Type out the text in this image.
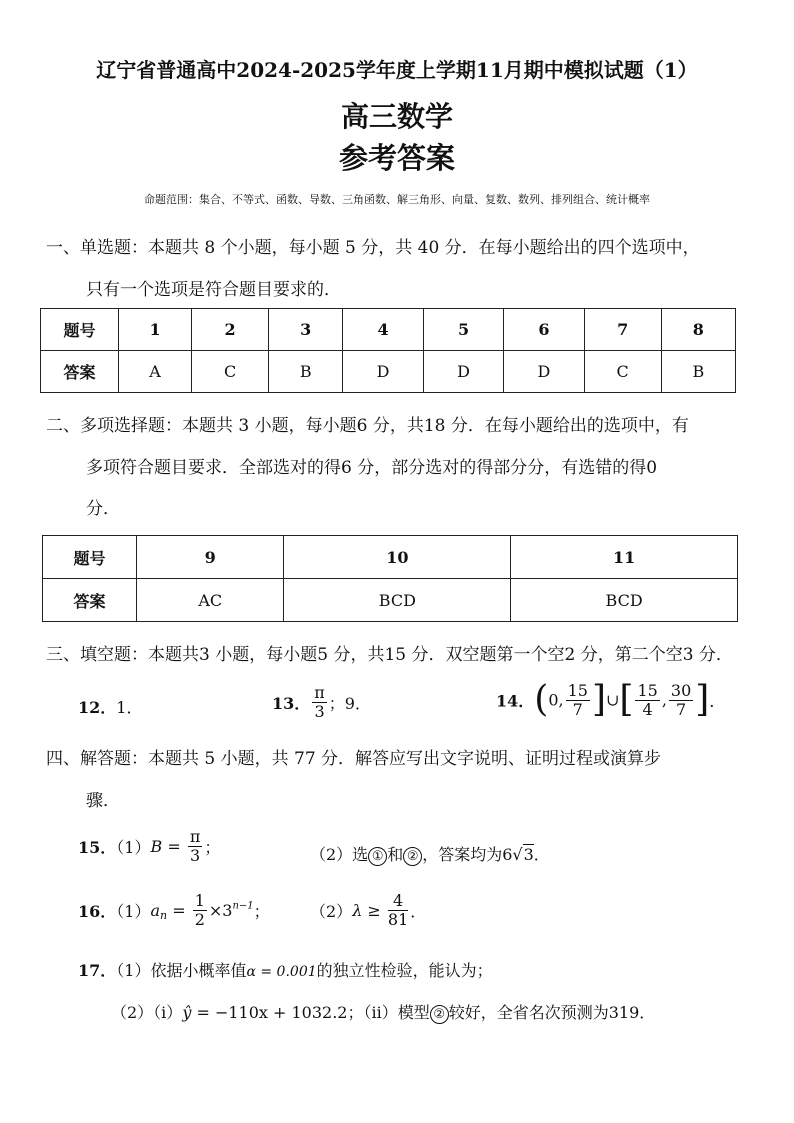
辽宁省普通高中2024-2025学年度上学期11月期中模拟试题（1）
高三数学
参考答案
命题范围：集合、不等式、函数、导数、三角函数、解三角形、向量、复数、数列、排列组合、统计概率
一、单选题：本题共 8 个小题，每小题 5 分，共 40 分．在每小题给出的四个选项中，
只有一个选项是符合题目要求的．
题号	1	2	3	4	5	6	7	8
答案	A	C	B	D	D	D	C	B
二、多项选择题：本题共 3 小题，每小题6 分，共18 分．在每小题给出的选项中，有
多项符合题目要求．全部选对的得6 分，部分选对的得部分分，有选错的得0
分．
题号	9	10	11
答案	AC	BCD	BCD
三、填空题：本题共3 小题，每小题5 分，共15 分．双空题第一个空2 分，第二个空3 分．
12．1．	13． $\frac{\pi}{3}$ ；9．	14．(0, $\frac{15}{7}$ ]∪[ $\frac{15}{4}$ , $\frac{30}{7}$ ]．
四、解答题：本题共 5 小题，共 77 分．解答应写出文字说明、证明过程或演算步
骤．
15．$(1)B = \frac{\pi}{3}$ ；	（2）选 ① 和 ② ，答案均为6√3．
16．$(1)a_n = \frac{1}{2} \times 3^{n-1}$；	$(2)\lambda \ge \frac{4}{81}$ ．
17．（1）依据小概率值α = 0.001的独立性检验，能认为；
（2）（ⅰ）ŷ = −110x + 1032.2；（ⅱ）模型 ② 较好，全省名次预测为319．
